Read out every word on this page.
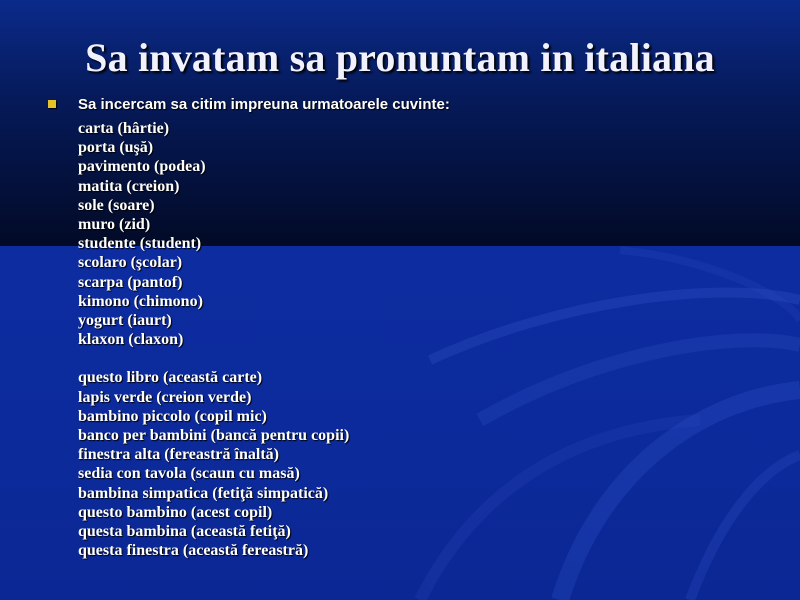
Sa invatam sa pronuntam in italiana
Sa incercam sa citim impreuna urmatoarele cuvinte:
carta (hârtie)
porta (uşă)
pavimento (podea)
matita (creion)
sole (soare)
muro (zid)
studente (student)
scolaro (şcolar)
scarpa (pantof)
kimono (chimono)
yogurt (iaurt)
klaxon (claxon)
questo libro (această carte)
lapis verde (creion verde)
bambino piccolo (copil mic)
banco per bambini (bancă pentru copii)
finestra alta (fereastră înaltă)
sedia con tavola (scaun cu masă)
bambina simpatica (fetiţă simpatică)
questo bambino (acest copil)
questa bambina (această fetiţă)
questa finestra (această fereastră)
